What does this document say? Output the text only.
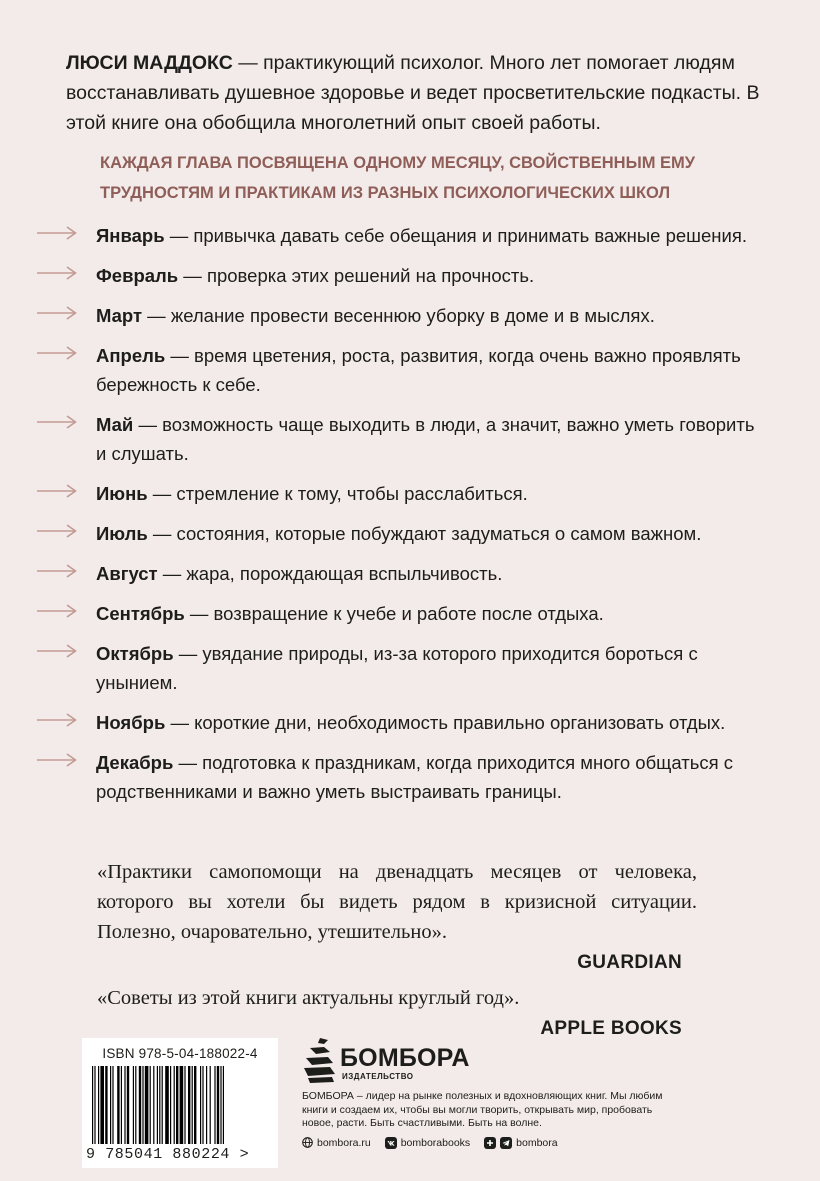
ЛЮСИ МАДДОКС — практикующий психолог. Много лет помогает людям восстанавливать душевное здоровье и ведет просветительские подкасты. В этой книге она обобщила многолетний опыт своей работы.
КАЖДАЯ ГЛАВА ПОСВЯЩЕНА ОДНОМУ МЕСЯЦУ, СВОЙСТВЕННЫМ ЕМУ
ТРУДНОСТЯМ И ПРАКТИКАМ ИЗ РАЗНЫХ ПСИХОЛОГИЧЕСКИХ ШКОЛ
Январь — привычка давать себе обещания и принимать важные решения.
Февраль — проверка этих решений на прочность.
Март — желание провести весеннюю уборку в доме и в мыслях.
Апрель — время цветения, роста, развития, когда очень важно проявлять бережность к себе.
Май — возможность чаще выходить в люди, а значит, важно уметь говорить и слушать.
Июнь — стремление к тому, чтобы расслабиться.
Июль — состояния, которые побуждают задуматься о самом важном.
Август — жара, порождающая вспыльчивость.
Сентябрь — возвращение к учебе и работе после отдыха.
Октябрь — увядание природы, из-за которого приходится бороться с унынием.
Ноябрь — короткие дни, необходимость правильно организовать отдых.
Декабрь — подготовка к праздникам, когда приходится много общаться с родственниками и важно уметь выстраивать границы.
«Практики самопомощи на двенадцать месяцев от человека, которого вы хотели бы видеть рядом в кризисной ситуации. Полезно, очаровательно, утешительно».
GUARDIAN
«Советы из этой книги актуальны круглый год».
APPLE BOOKS
ISBN 978-5-04-188022-4
9 785041 880224 >
БОМБОРА
ИЗДАТЕЛЬСТВО
БОМБОРА – лидер на рынке полезных и вдохновляющих книг. Мы любим книги и создаем их, чтобы вы могли творить, открывать мир, пробовать новое, расти. Быть счастливыми. Быть на волне.
bombora.ru	bomborabooks	bombora
